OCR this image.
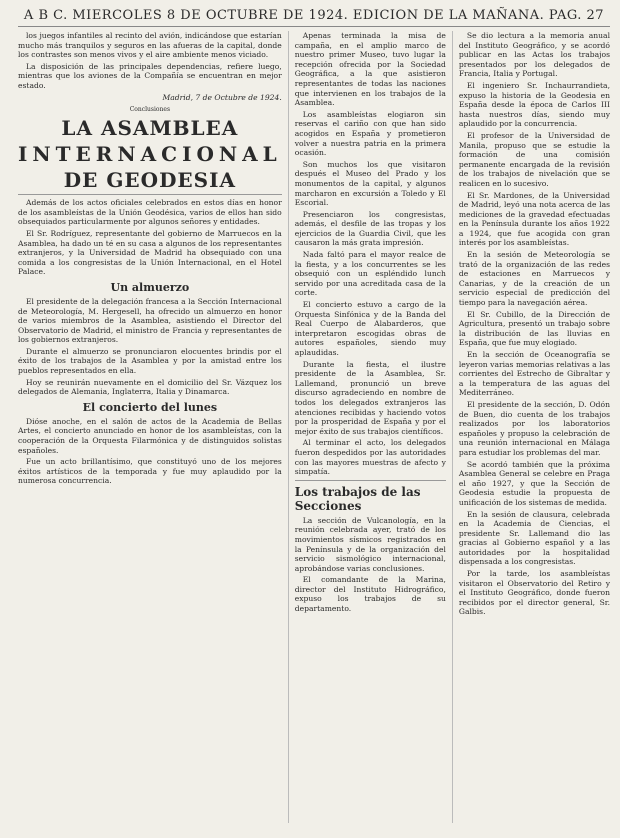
A B C. MIERCOLES 8 DE OCTUBRE DE 1924. EDICION DE LA MAÑANA. PAG. 27

los juegos infantiles al recinto del avión, indicándose que estarían mucho más tranquilos y seguros en las afueras de la capital, donde los contrastes son menos vivos y el aire ambiente menos viciado.

La disposición de las principales dependencias, refiere luego, mientras que los aviones de la Compañía se encuentran en mejor estado.

Madrid, 7 de Octubre de 1924.

Conclusiones
LA ASAMBLEA
INTERNACIONAL
DE GEODESIA

Además de los actos oficiales celebrados en estos días en honor de los asambleístas de la Unión Geodésica, varios de ellos han sido obsequiados particularmente por algunos señores y entidades.

El Sr. Rodríguez, representante del gobierno de Marruecos en la Asamblea, ha dado un té en su casa a algunos de los representantes extranjeros, y la Universidad de Madrid ha obsequiado con una comida a los congresistas de la Unión Internacional, en el Hotel Palace.

Un almuerzo

El presidente de la delegación francesa a la Sección Internacional de Meteorología, M. Hergesell, ha ofrecido un almuerzo en honor de varios miembros de la Asamblea, asistiendo el Director del Observatorio de Madrid, el ministro de Francia y representantes de los gobiernos extranjeros.

Durante el almuerzo se pronunciaron elocuentes brindis por el éxito de los trabajos de la Asamblea y por la amistad entre los pueblos representados en ella.

Hoy se reunirán nuevamente en el domicilio del Sr. Vázquez los delegados de Alemania, Inglaterra, Italia y Dinamarca.

El concierto del lunes

Dióse anoche, en el salón de actos de la Academia de Bellas Artes, el concierto anunciado en honor de los asambleístas, con la cooperación de la Orquesta Filarmónica y de distinguidos solistas españoles.

Fue un acto brillantísimo, que constituyó uno de los mejores éxitos artísticos de la temporada y fue muy aplaudido por la numerosa concurrencia.

Apenas terminada la misa de campaña, en el amplio marco de nuestro primer Museo, tuvo lugar la recepción ofrecida por la Sociedad Geográfica, a la que asistieron representantes de todas las naciones que intervienen en los trabajos de la Asamblea.

Los asambleístas elogiaron sin reservas el cariño con que han sido acogidos en España y prometieron volver a nuestra patria en la primera ocasión.

Son muchos los que visitaron después el Museo del Prado y los monumentos de la capital, y algunos marcharon en excursión a Toledo y El Escorial.

Presenciaron los congresistas, además, el desfile de las tropas y los ejercicios de la Guardia Civil, que les causaron la más grata impresión.

Nada faltó para el mayor realce de la fiesta, y a los concurrentes se les obsequió con un espléndido lunch servido por una acreditada casa de la corte.

El concierto estuvo a cargo de la Orquesta Sinfónica y de la Banda del Real Cuerpo de Alabarderos, que interpretaron escogidas obras de autores españoles, siendo muy aplaudidas.

Durante la fiesta, el ilustre presidente de la Asamblea, Sr. Lallemand, pronunció un breve discurso agradeciendo en nombre de todos los delegados extranjeros las atenciones recibidas y haciendo votos por la prosperidad de España y por el mejor éxito de sus trabajos científicos.

Al terminar el acto, los delegados fueron despedidos por las autoridades con las mayores muestras de afecto y simpatía.

Los trabajos de las Secciones

La sección de Vulcanología, en la reunión celebrada ayer, trató de los movimientos sísmicos registrados en la Península y de la organización del servicio sismológico internacional, aprobándose varias conclusiones.

El comandante de la Marina, director del Instituto Hidrográfico, expuso los trabajos de su departamento.

Se dio lectura a la memoria anual del Instituto Geográfico, y se acordó publicar en las Actas los trabajos presentados por los delegados de Francia, Italia y Portugal.

El ingeniero Sr. Inchaurrandieta, expuso la historia de la Geodesia en España desde la época de Carlos III hasta nuestros días, siendo muy aplaudido por la concurrencia.

El profesor de la Universidad de Manila, propuso que se estudie la formación de una comisión permanente encargada de la revisión de los trabajos de nivelación que se realicen en lo sucesivo.

El Sr. Mardones, de la Universidad de Madrid, leyó una nota acerca de las mediciones de la gravedad efectuadas en la Península durante los años 1922 a 1924, que fue acogida con gran interés por los asambleístas.

En la sesión de Meteorología se trató de la organización de las redes de estaciones en Marruecos y Canarias, y de la creación de un servicio especial de predicción del tiempo para la navegación aérea.

El Sr. Cubillo, de la Dirección de Agricultura, presentó un trabajo sobre la distribución de las lluvias en España, que fue muy elogiado.

En la sección de Oceanografía se leyeron varias memorias relativas a las corrientes del Estrecho de Gibraltar y a la temperatura de las aguas del Mediterráneo.

El presidente de la sección, D. Odón de Buen, dio cuenta de los trabajos realizados por los laboratorios españoles y propuso la celebración de una reunión internacional en Málaga para estudiar los problemas del mar.

Se acordó también que la próxima Asamblea General se celebre en Praga el año 1927, y que la Sección de Geodesia estudie la propuesta de unificación de los sistemas de medida.

En la sesión de clausura, celebrada en la Academia de Ciencias, el presidente Sr. Lallemand dio las gracias al Gobierno español y a las autoridades por la hospitalidad dispensada a los congresistas.

Por la tarde, los asambleístas visitaron el Observatorio del Retiro y el Instituto Geográfico, donde fueron recibidos por el director general, Sr. Galbis.
